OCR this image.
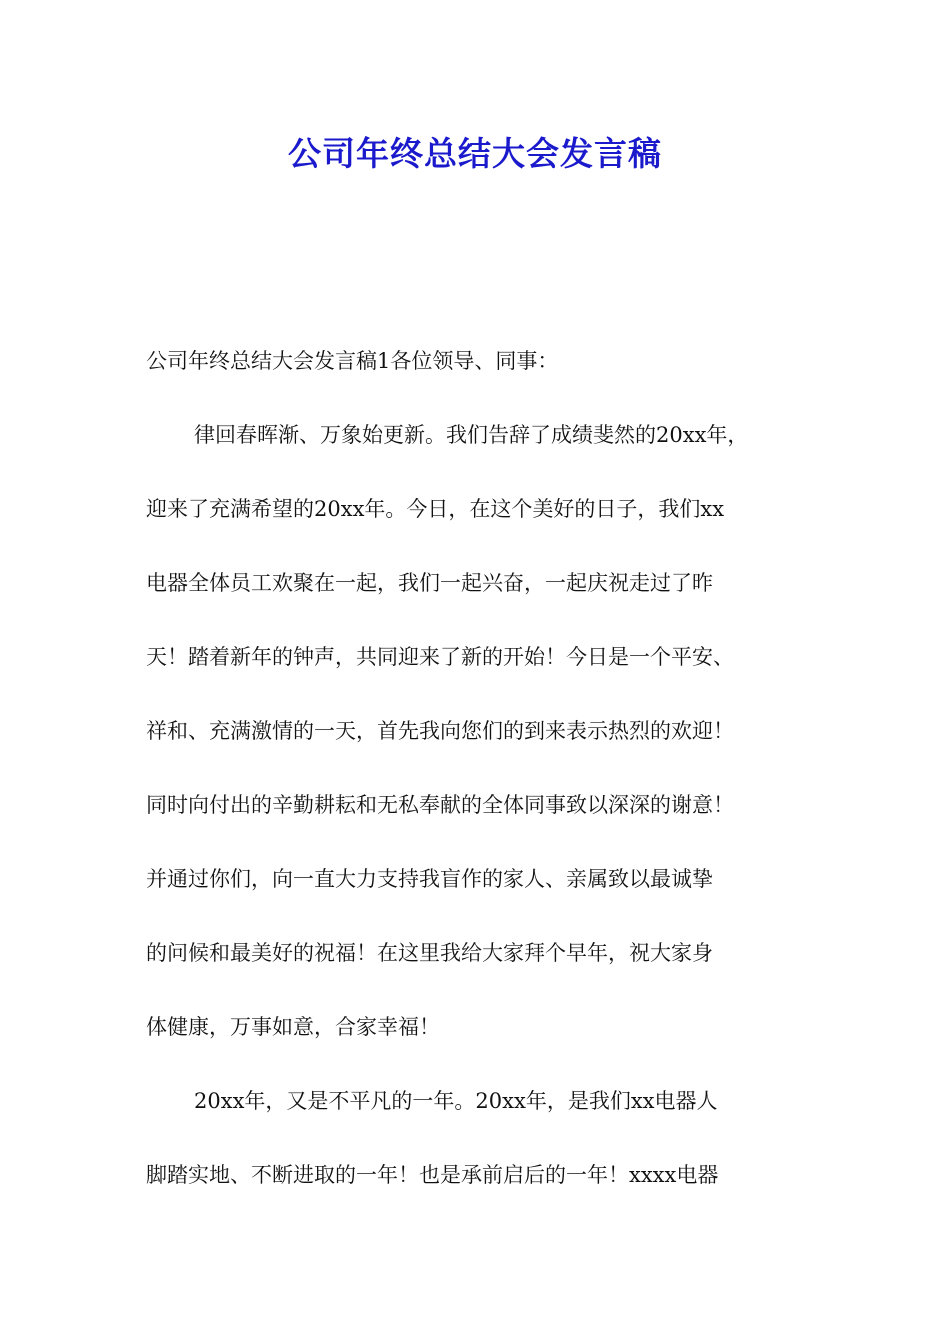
公司年终总结大会发言稿
公司年终总结大会发言稿1各位领导、同事：
律回春晖渐、万象始更新。我们告辞了成绩斐然的20xx年，
迎来了充满希望的20xx年。今日，在这个美好的日子，我们xx
电器全体员工欢聚在一起，我们一起兴奋，一起庆祝走过了昨
天！踏着新年的钟声，共同迎来了新的开始！今日是一个平安、
祥和、充满激情的一天，首先我向您们的到来表示热烈的欢迎！
同时向付出的辛勤耕耘和无私奉献的全体同事致以深深的谢意！
并通过你们，向一直大力支持我盲作的家人、亲属致以最诚挚
的问候和最美好的祝福！在这里我给大家拜个早年，祝大家身
体健康，万事如意，合家幸福！
20xx年，又是不平凡的一年。20xx年，是我们xx电器人
脚踏实地、不断进取的一年！也是承前启后的一年！xxxx电器
